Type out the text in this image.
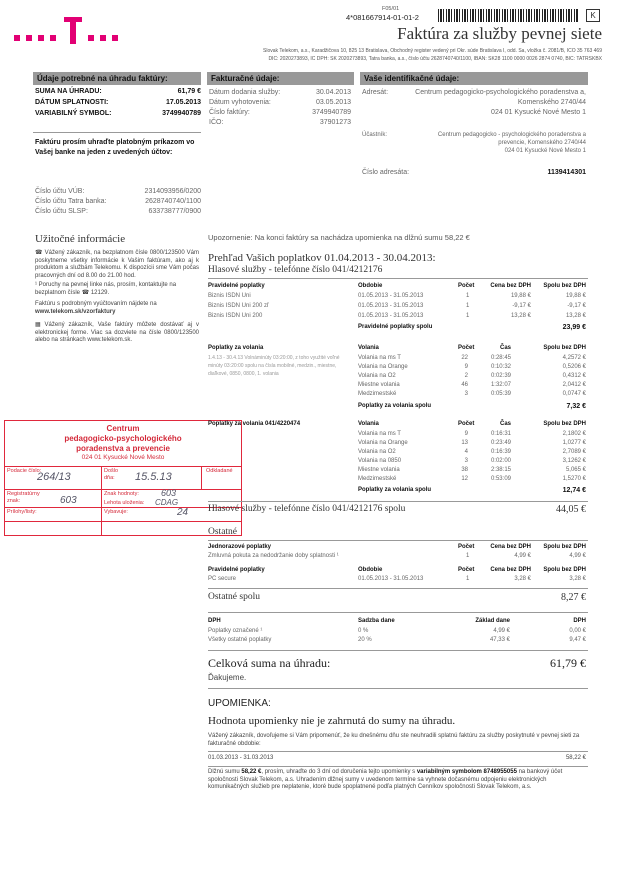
F05/01
4*081667914-01-01-2	K
Faktúra za služby pevnej siete
Slovak Telekom, a.s., Karadžičova 10, 825 13 Bratislava, Obchodný register vedený pri Okr. súde Bratislava I, odd. Sa, vložka č. 2081/B, IČO 35 763 469
DIČ: 2020273893, IČ DPH: SK 2020273893, Tatra banka, a.s., číslo účtu 2628740740/1100, IBAN: SK28 1100 0000 0026 2874 0740, BIC: TATRSKBX
Údaje potrebné na úhradu faktúry:
SUMA NA ÚHRADU:	61,79 €
DÁTUM SPLATNOSTI:	17.05.2013
VARIABILNÝ SYMBOL:	3749940789
Faktúru prosím uhraďte platobným príkazom vo Vašej banke na jeden z uvedených účtov:
Číslo účtu VÚB:	2314093956/0200
Číslo účtu Tatra banka:	2628740740/1100
Číslo účtu SLSP:	633738777/0900
Fakturačné údaje:
Dátum dodania služby:	30.04.2013
Dátum vyhotovenia:	03.05.2013
Číslo faktúry:	3749940789
IČO:	37901273
Vaše identifikačné údaje:
Adresát:	Centrum pedagogicko-psychologického poradenstva a,
Komenského 2740/44
024 01 Kysucké Nové Mesto 1
Účastník:	Centrum pedagogicko - psychologického poradenstva a
prevencie, Komenského 2740/44
024 01 Kysucké Nové Mesto 1
Číslo adresáta:	1139414301
Užitočné informácie
☎ Vážený zákazník, na bezplatnom čísle 0800/123500 Vám poskytneme všetky informácie k Vašim faktúram, ako aj k produktom a službám Telekomu. K dispozícii sme Vám počas pracovných dní od 8.00 do 21.00 hod.
¹ Poruchy na pevnej linke nás, prosím, kontaktujte na bezplatnom čísle ☎ 12129.
Faktúru s podrobným vyúčtovaním nájdete na
www.telekom.sk/vzorfaktury
▦ Vážený zákazník, Vaše faktúry môžete dostávať aj v elektronickej forme. Viac sa dozviete na čísle 0800/123500 alebo na stránkach www.telekom.sk.
Centrum
pedagogicko-psychologického
poradenstva a prevencie
024 01 Kysucké Nové Mesto
Podacie číslo:
264/13	Došlo dňa:	15.5.13	Odkladané
Registratúrny znak:	603
Znak hodnoty: 603
Lehota uloženia: CDAG
Prílohy/listy:	Vybavuje:	24
Upozornenie: Na konci faktúry sa nachádza upomienka na dlžnú sumu 58,22 €
Prehľad Vašich poplatkov 01.04.2013 - 30.04.2013:
Hlasové služby - telefónne číslo 041/4212176
Pravidelné poplatky	Obdobie	Počet	Cena bez DPH Spolu bez DPH
Biznis ISDN Uni	01.05.2013 - 31.05.2013	1	19,88 €	19,88 €
Biznis ISDN Uni 200 zľ	01.05.2013 - 31.05.2013	1	-9,17 €	-9,17 €
Biznis ISDN Uni 200	01.05.2013 - 31.05.2013	1	13,28 €	13,28 €
Pravidelné poplatky spolu	23,99 €
Poplatky za volania	Volania	Počet	Čas	Spolu bez DPH
1.4.13 - 30.4.13 Volnáminúty 03:20:00, z toho využité voľné minúty 03:20:00 spolu na čísla mobilné, medzin., miestne, diaľkové, 0850, 0800, 1. volania
Volania na ms T	22	0:28:45	4,2572 €
Volania na Orange	9	0:10:32	0,5206 €
Volania na O2	2	0:02:39	0,4312 €
Miestne volania	46	1:32:07	2,0412 €
Medzimestské	3	0:05:39	0,0747 €
Poplatky za volania spolu	7,32 €
Poplatky za volania 041/4220474	Volania	Počet	Čas	Spolu bez DPH
Volania na ms T	9	0:16:31	2,1802 €
Volania na Orange	13	0:23:49	1,0277 €
Volania na O2	4	0:16:39	2,7089 €
Volania na 0850	3	0:02:00	3,1262 €
Miestne volania	38	2:38:15	5,065 €
Medzimestské	12	0:53:09	1,5270 €
Poplatky za volania spolu	12,74 €
Hlasové služby - telefónne číslo 041/4212176 spolu	44,05 €
Ostatné
Jednorazové poplatky	Počet	Cena bez DPH Spolu bez DPH
Zmluvná pokuta za nedodržanie doby splatnosti ¹	1	4,99 €	4,99 €
Pravidelné poplatky	Obdobie	Počet	Cena bez DPH Spolu bez DPH
PC secure	01.05.2013 - 31.05.2013	1	3,28 €	3,28 €
Ostatné spolu	8,27 €
DPH	Sadzba dane	Základ dane	DPH
Poplatky označené ¹	0 %	4,99 €	0,00 €
Všetky ostatné poplatky	20 %	47,33 €	9,47 €
Celková suma na úhradu:	61,79 €
Ďakujeme.
UPOMIENKA:
Hodnota upomienky nie je zahrnutá do sumy na úhradu.
Vážený zákazník, dovoľujeme si Vám pripomenúť, že ku dnešnému dňu ste neuhradili splatnú faktúru za služby poskytnuté v pevnej sieti za fakturačné obdobie:
01.03.2013 - 31.03.2013	58,22 €
Dlžnú sumu 58,22 €, prosím, uhraďte do 3 dní od doručenia tejto upomienky s variabilným symbolom 8748955055 na bankový účet spoločnosti Slovak Telekom, a.s. Uhradením dlžnej sumy v uvedenom termíne sa vyhnete dočasnému odpojeniu elektronických komunikačných služieb pre neplatenie, ktoré bude spoplatnené podľa platných Cenníkov spoločnosti Slovak Telekom, a.s.
